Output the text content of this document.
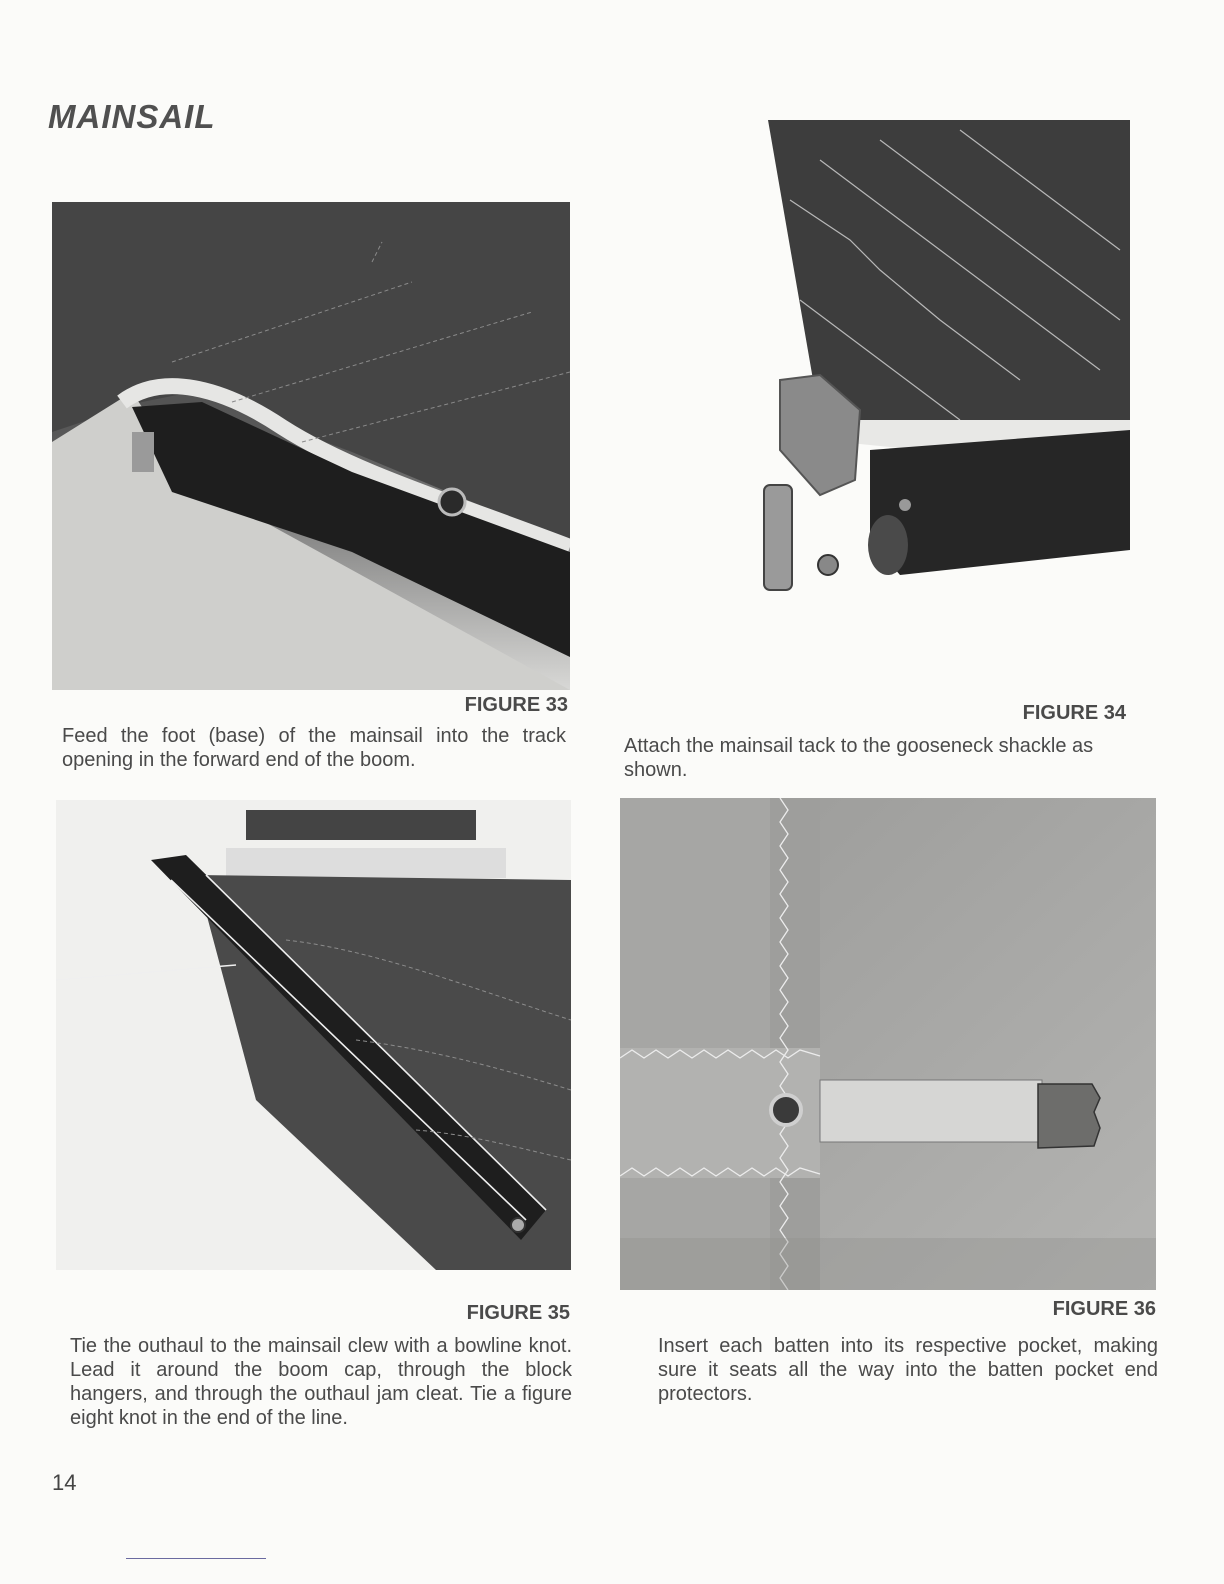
MAINSAIL
FIGURE 33

Feed the foot (base) of the mainsail into the track opening in the forward end of the boom.

FIGURE 34

Attach the mainsail tack to the gooseneck shackle as shown.

FIGURE 35

Tie the outhaul to the mainsail clew with a bowline knot. Lead it around the boom cap, through the block hangers, and through the outhaul jam cleat. Tie a figure eight knot in the end of the line.

FIGURE 36

Insert each batten into its respective pocket, making sure it seats all the way into the batten pocket end protectors.

14
